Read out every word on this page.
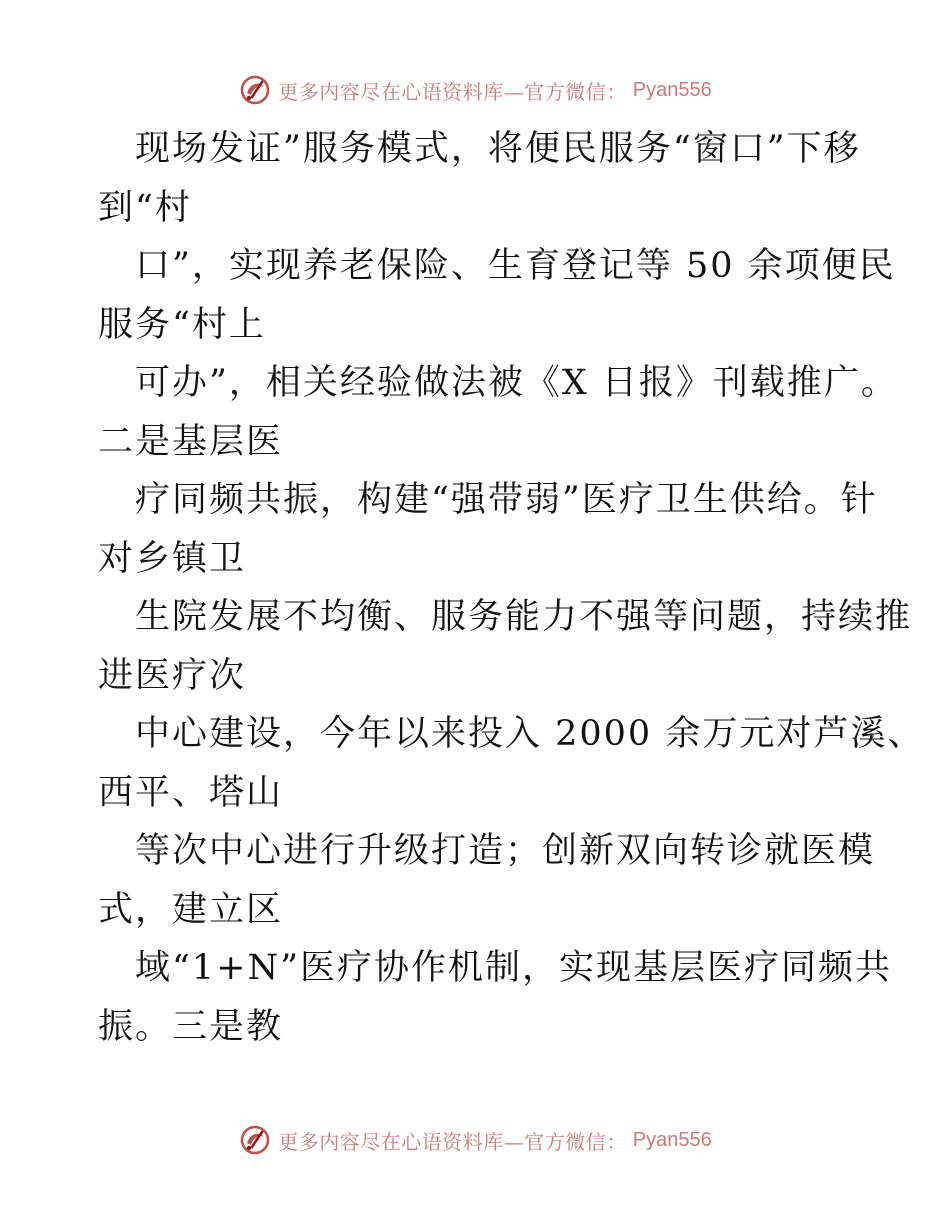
更多内容尽在心语资料库—官方微信： Pyan556
现场发证”服务模式，将便民服务“窗口”下移
到“村
口”，实现养老保险、生育登记等 50 余项便民
服务“村上
可办”，相关经验做法被《X 日报》刊载推广。
二是基层医
疗同频共振，构建“强带弱”医疗卫生供给。针
对乡镇卫
生院发展不均衡、服务能力不强等问题，持续推
进医疗次
中心建设，今年以来投入 2000 余万元对芦溪、
西平、塔山
等次中心进行升级打造；创新双向转诊就医模
式，建立区
域“1+N”医疗协作机制，实现基层医疗同频共
振。三是教
更多内容尽在心语资料库—官方微信： Pyan556
